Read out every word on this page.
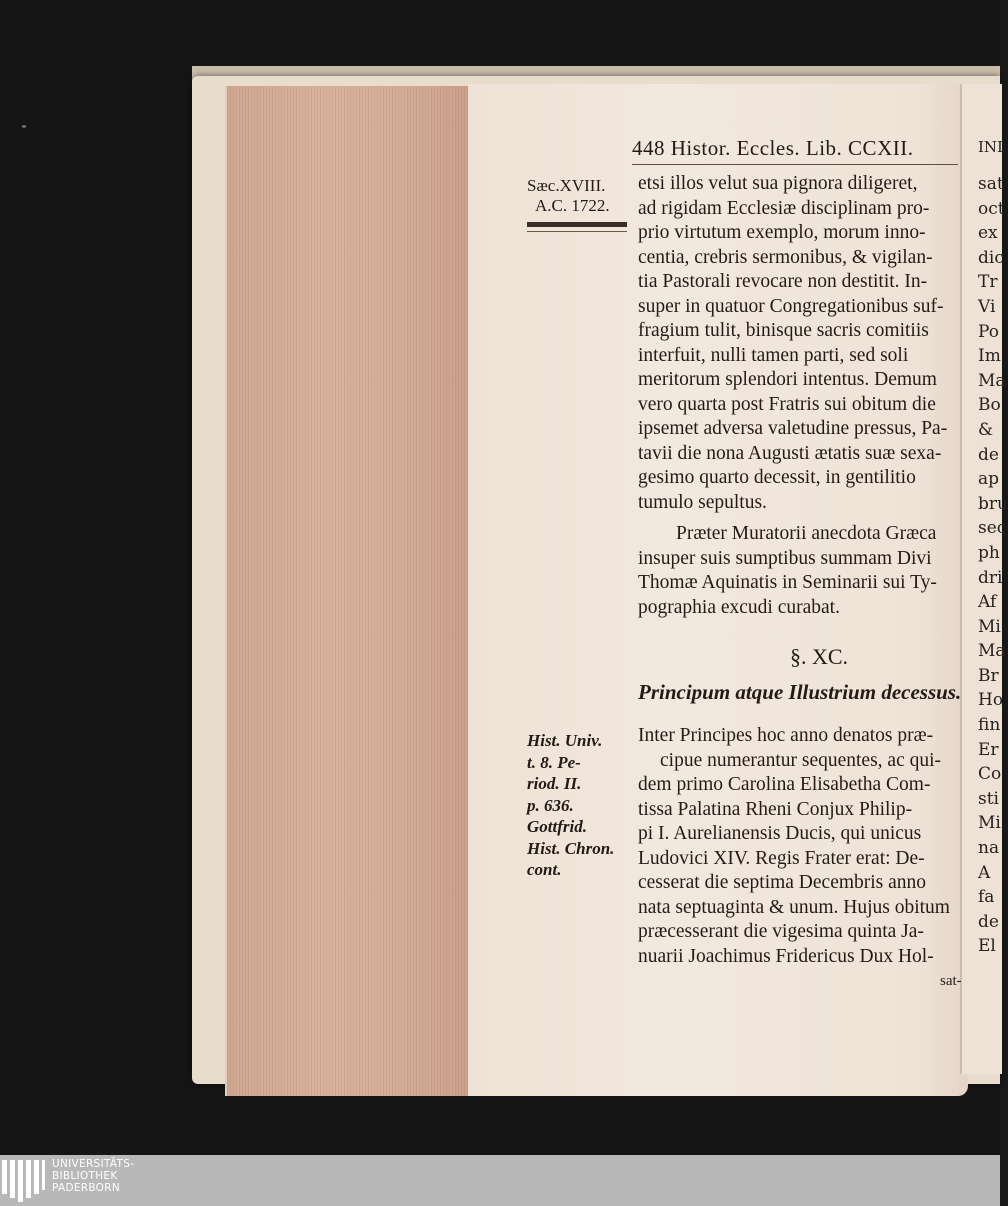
INI
sat
oct
ex
dic
Tr
Vi
Po
Im
Ma
Bo
&
de
ap
bru
sec
ph
dri
Af
Mi
Ma
Br
Ho
fin
Er
Co
sti
Mi
na
A
fa
de
El
448 Histor. Eccles. Lib. CCXII.
Sæc.XVIII.
A.C. 1722.
etsi illos velut sua pignora diligeret,
ad rigidam Ecclesiæ disciplinam pro-
prio virtutum exemplo, morum inno-
centia, crebris sermonibus, & vigilan-
tia Pastorali revocare non destitit. In-
super in quatuor Congregationibus suf-
fragium tulit, binisque sacris comitiis
interfuit, nulli tamen parti, sed soli
meritorum splendori intentus. Demum
vero quarta post Fratris sui obitum die
ipsemet adversa valetudine pressus, Pa-
tavii die nona Augusti ætatis suæ sexa-
gesimo quarto decessit, in gentilitio
tumulo sepultus.
Præter Muratorii anecdota Græca
insuper suis sumptibus summam Divi
Thomæ Aquinatis in Seminarii sui Ty-
pographia excudi curabat.
§. XC.
Principum atque Illustrium decessus.
Hist. Univ.
t. 8. Pe-
riod. II.
p. 636.
Gottfrid.
Hist. Chron.
cont.
Inter Principes hoc anno denatos præ-
cipue numerantur sequentes, ac qui-
dem primo Carolina Elisabetha Com-
tissa Palatina Rheni Conjux Philip-
pi I. Aurelianensis Ducis, qui unicus
Ludovici XIV. Regis Frater erat: De-
cesserat die septima Decembris anno
nata septuaginta & unum. Hujus obitum
præcesserant die vigesima quinta Ja-
nuarii Joachimus Fridericus Dux Hol-
sat-
UNIVERSITÄTS-
BIBLIOTHEK
PADERBORN
